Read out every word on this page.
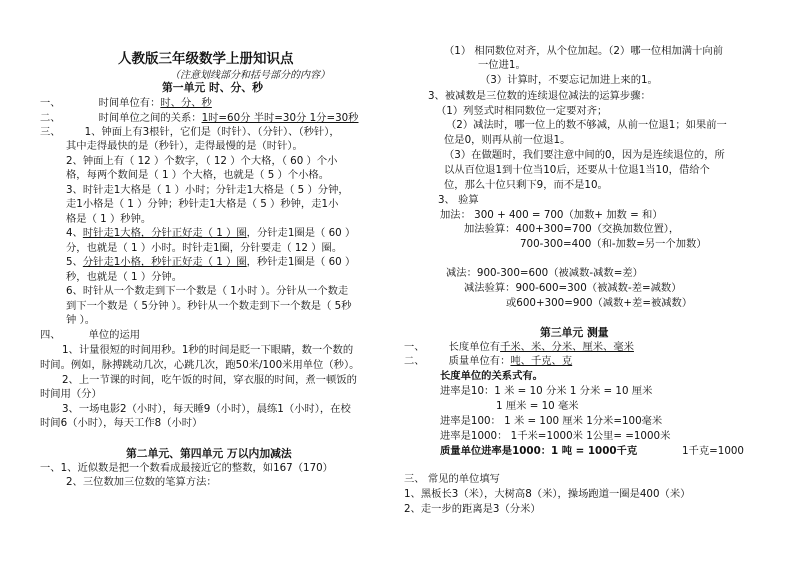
人教版三年级数学上册知识点
（注意划线部分和括号部分的内容）
第一单元 时、分、秒
一、	时间单位有：时、分、秒
二、	时间单位之间的关系：1时=60分 半时=30分 1分=30秒
三、 1、钟面上有3根针，它们是（时针）、（分针）、（秒针），
其中走得最快的是（秒针），走得最慢的是（时针）。
2、钟面上有（ 12 ）个数字，（ 12 ）个大格，（ 60 ）个小
格，每两个数间是（ 1 ）个大格，也就是（ 5 ）个小格。
3、时针走1大格是（ 1 ）小时；分针走1大格是（ 5 ）分钟，
走1小格是（ 1 ）分钟；秒针走1大格是（ 5 ）秒钟，走1小
格是（ 1 ）秒钟。
4、时针走1大格，分针正好走（ 1 ）圈，分针走1圈是（ 60 ）
分，也就是（ 1 ）小时。时针走1圈，分针要走（ 12 ）圈。
5、分针走1小格，秒针正好走（ 1 ）圈，秒针走1圈是（ 60 ）
秒，也就是（ 1 ）分钟。
6、时针从一个数走到下一个数是（ 1小时 ）。分针从一个数走
到下一个数是（ 5分钟 ）。秒针从一个数走到下一个数是（ 5秒
钟 ）。
四、	单位的运用
1、计量很短的时间用秒。1秒的时间是眨一下眼睛，数一个数的
时间。例如，脉搏跳动几次，心跳几次，跑50米/100米用单位（秒）。
2、上一节课的时间，吃午饭的时间，穿衣服的时间，煮一顿饭的
时间用（分）
3、一场电影2（小时），每天睡9（小时），晨练1（小时），在校
时间6（小时），每天工作8（小时）
第二单元、第四单元 万以内加减法
一、1、近似数是把一个数看成最接近它的整数，如167（170）
2、三位数加三位数的笔算方法：
（1） 相同数位对齐，从个位加起。（2）哪一位相加满十向前
一位进1。
（3）计算时，不要忘记加进上来的1。
3、被减数是三位数的连续退位减法的运算步骤：
（1）列竖式时相同数位一定要对齐；
（2）减法时，哪一位上的数不够减，从前一位退1；如果前一
位是0，则再从前一位退1。
（3）在做题时，我们要注意中间的0，因为是连续退位的，所
以从百位退1到十位当10后，还要从十位退1当10，借给个
位，那么十位只剩下9，而不是10。
3、 验算
加法： 300 + 400 = 700（加数+ 加数 = 和）
加法验算：400+300=700（交换加数位置），
700-300=400（和-加数=另一个加数）
减法：900-300=600（被减数-减数=差）
减法验算：900-600=300（被减数-差=减数）
或600+300=900（减数+差=被减数）
第三单元 测量
一、 长度单位有千米、米、分米、厘米、毫米
二、 质量单位有：吨、千克、克
长度单位的关系式有。
进率是10：1 米 = 10 分米 1 分米 = 10 厘米
1 厘米 = 10 毫米
进率是100： 1 米 = 100 厘米 1分米=100毫米
进率是1000： 1千米=1000米 1公里= =1000米
质量单位进率是1000：1 吨 = 1000千克	1千克=1000
三、 常见的单位填写
1、黑板长3（米），大树高8（米），操场跑道一圈是400（米）
2、走一步的距离是3（分米）
